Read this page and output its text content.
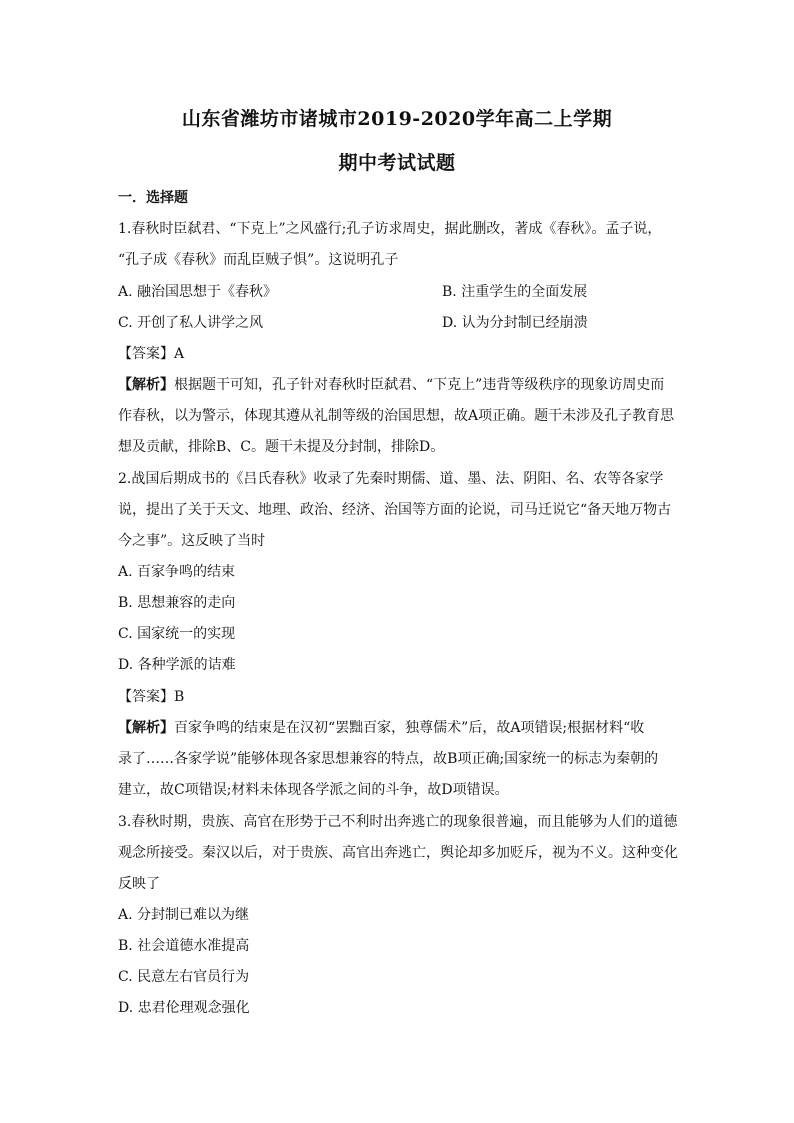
山东省潍坊市诸城市2019-2020学年高二上学期
期中考试试题
一．选择题
1.春秋时臣弑君、“下克上”之风盛行;孔子访求周史，据此删改，著成《春秋》。孟子说，
“孔子成《春秋》而乱臣贼子惧”。这说明孔子
A. 融治国思想于《春秋》	B. 注重学生的全面发展
C. 开创了私人讲学之风	D. 认为分封制已经崩溃
【答案】A
【解析】根据题干可知，孔子针对春秋时臣弑君、“下克上”违背等级秩序的现象访周史而
作春秋，以为警示，体现其遵从礼制等级的治国思想，故A项正确。题干未涉及孔子教育思
想及贡献，排除B、C。题干未提及分封制，排除D。
2.战国后期成书的《吕氏春秋》收录了先秦时期儒、道、墨、法、阴阳、名、农等各家学
说，提出了关于天文、地理、政治、经济、治国等方面的论说，司马迁说它“备天地万物古
今之事”。这反映了当时
A. 百家争鸣的结束
B. 思想兼容的走向
C. 国家统一的实现
D. 各种学派的诘难
【答案】B
【解析】百家争鸣的结束是在汉初“罢黜百家，独尊儒术”后，故A项错误;根据材料“收
录了……各家学说”能够体现各家思想兼容的特点，故B项正确;国家统一的标志为秦朝的
建立，故C项错误;材料未体现各学派之间的斗争，故D项错误。
3.春秋时期，贵族、高官在形势于己不利时出奔逃亡的现象很普遍，而且能够为人们的道德
观念所接受。秦汉以后，对于贵族、高官出奔逃亡，舆论却多加贬斥，视为不义。这种变化
反映了
A. 分封制已难以为继
B. 社会道德水准提高
C. 民意左右官员行为
D. 忠君伦理观念强化
